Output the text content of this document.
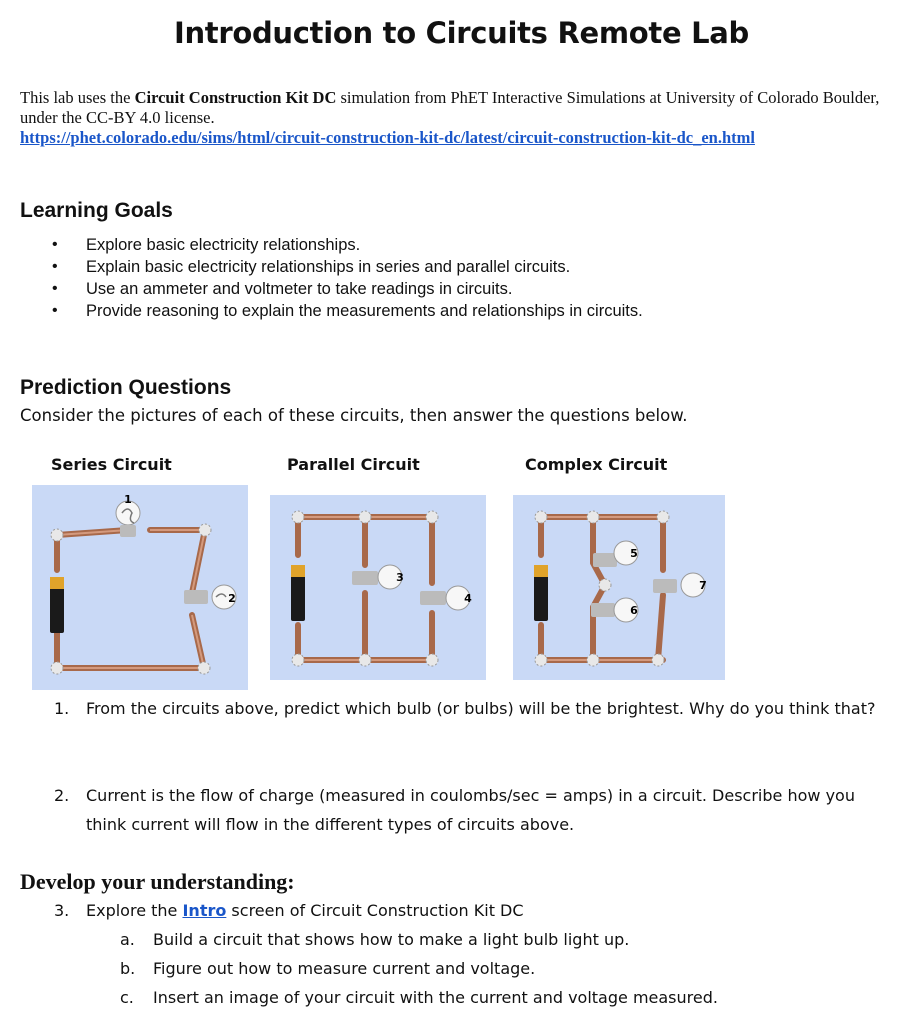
Introduction to Circuits Remote Lab
This lab uses the Circuit Construction Kit DC simulation from PhET Interactive Simulations at University of Colorado Boulder, under the CC-BY 4.0 license.
https://phet.colorado.edu/sims/html/circuit-construction-kit-dc/latest/circuit-construction-kit-dc_en.html
Learning Goals
• Explore basic electricity relationships.
• Explain basic electricity relationships in series and parallel circuits.
• Use an ammeter and voltmeter to take readings in circuits.
• Provide reasoning to explain the measurements and relationships in circuits.
Prediction Questions
Consider the pictures of each of these circuits, then answer the questions below.
Series Circuit	Parallel Circuit	Complex Circuit
1
2
3
4
5
6
7
1. From the circuits above, predict which bulb (or bulbs) will be the brightest. Why do you think that?
2. Current is the flow of charge (measured in coulombs/sec = amps) in a circuit. Describe how you think current will flow in the different types of circuits above.
Develop your understanding:
3. Explore the Intro screen of Circuit Construction Kit DC
a. Build a circuit that shows how to make a light bulb light up.
b. Figure out how to measure current and voltage.
c. Insert an image of your circuit with the current and voltage measured.
